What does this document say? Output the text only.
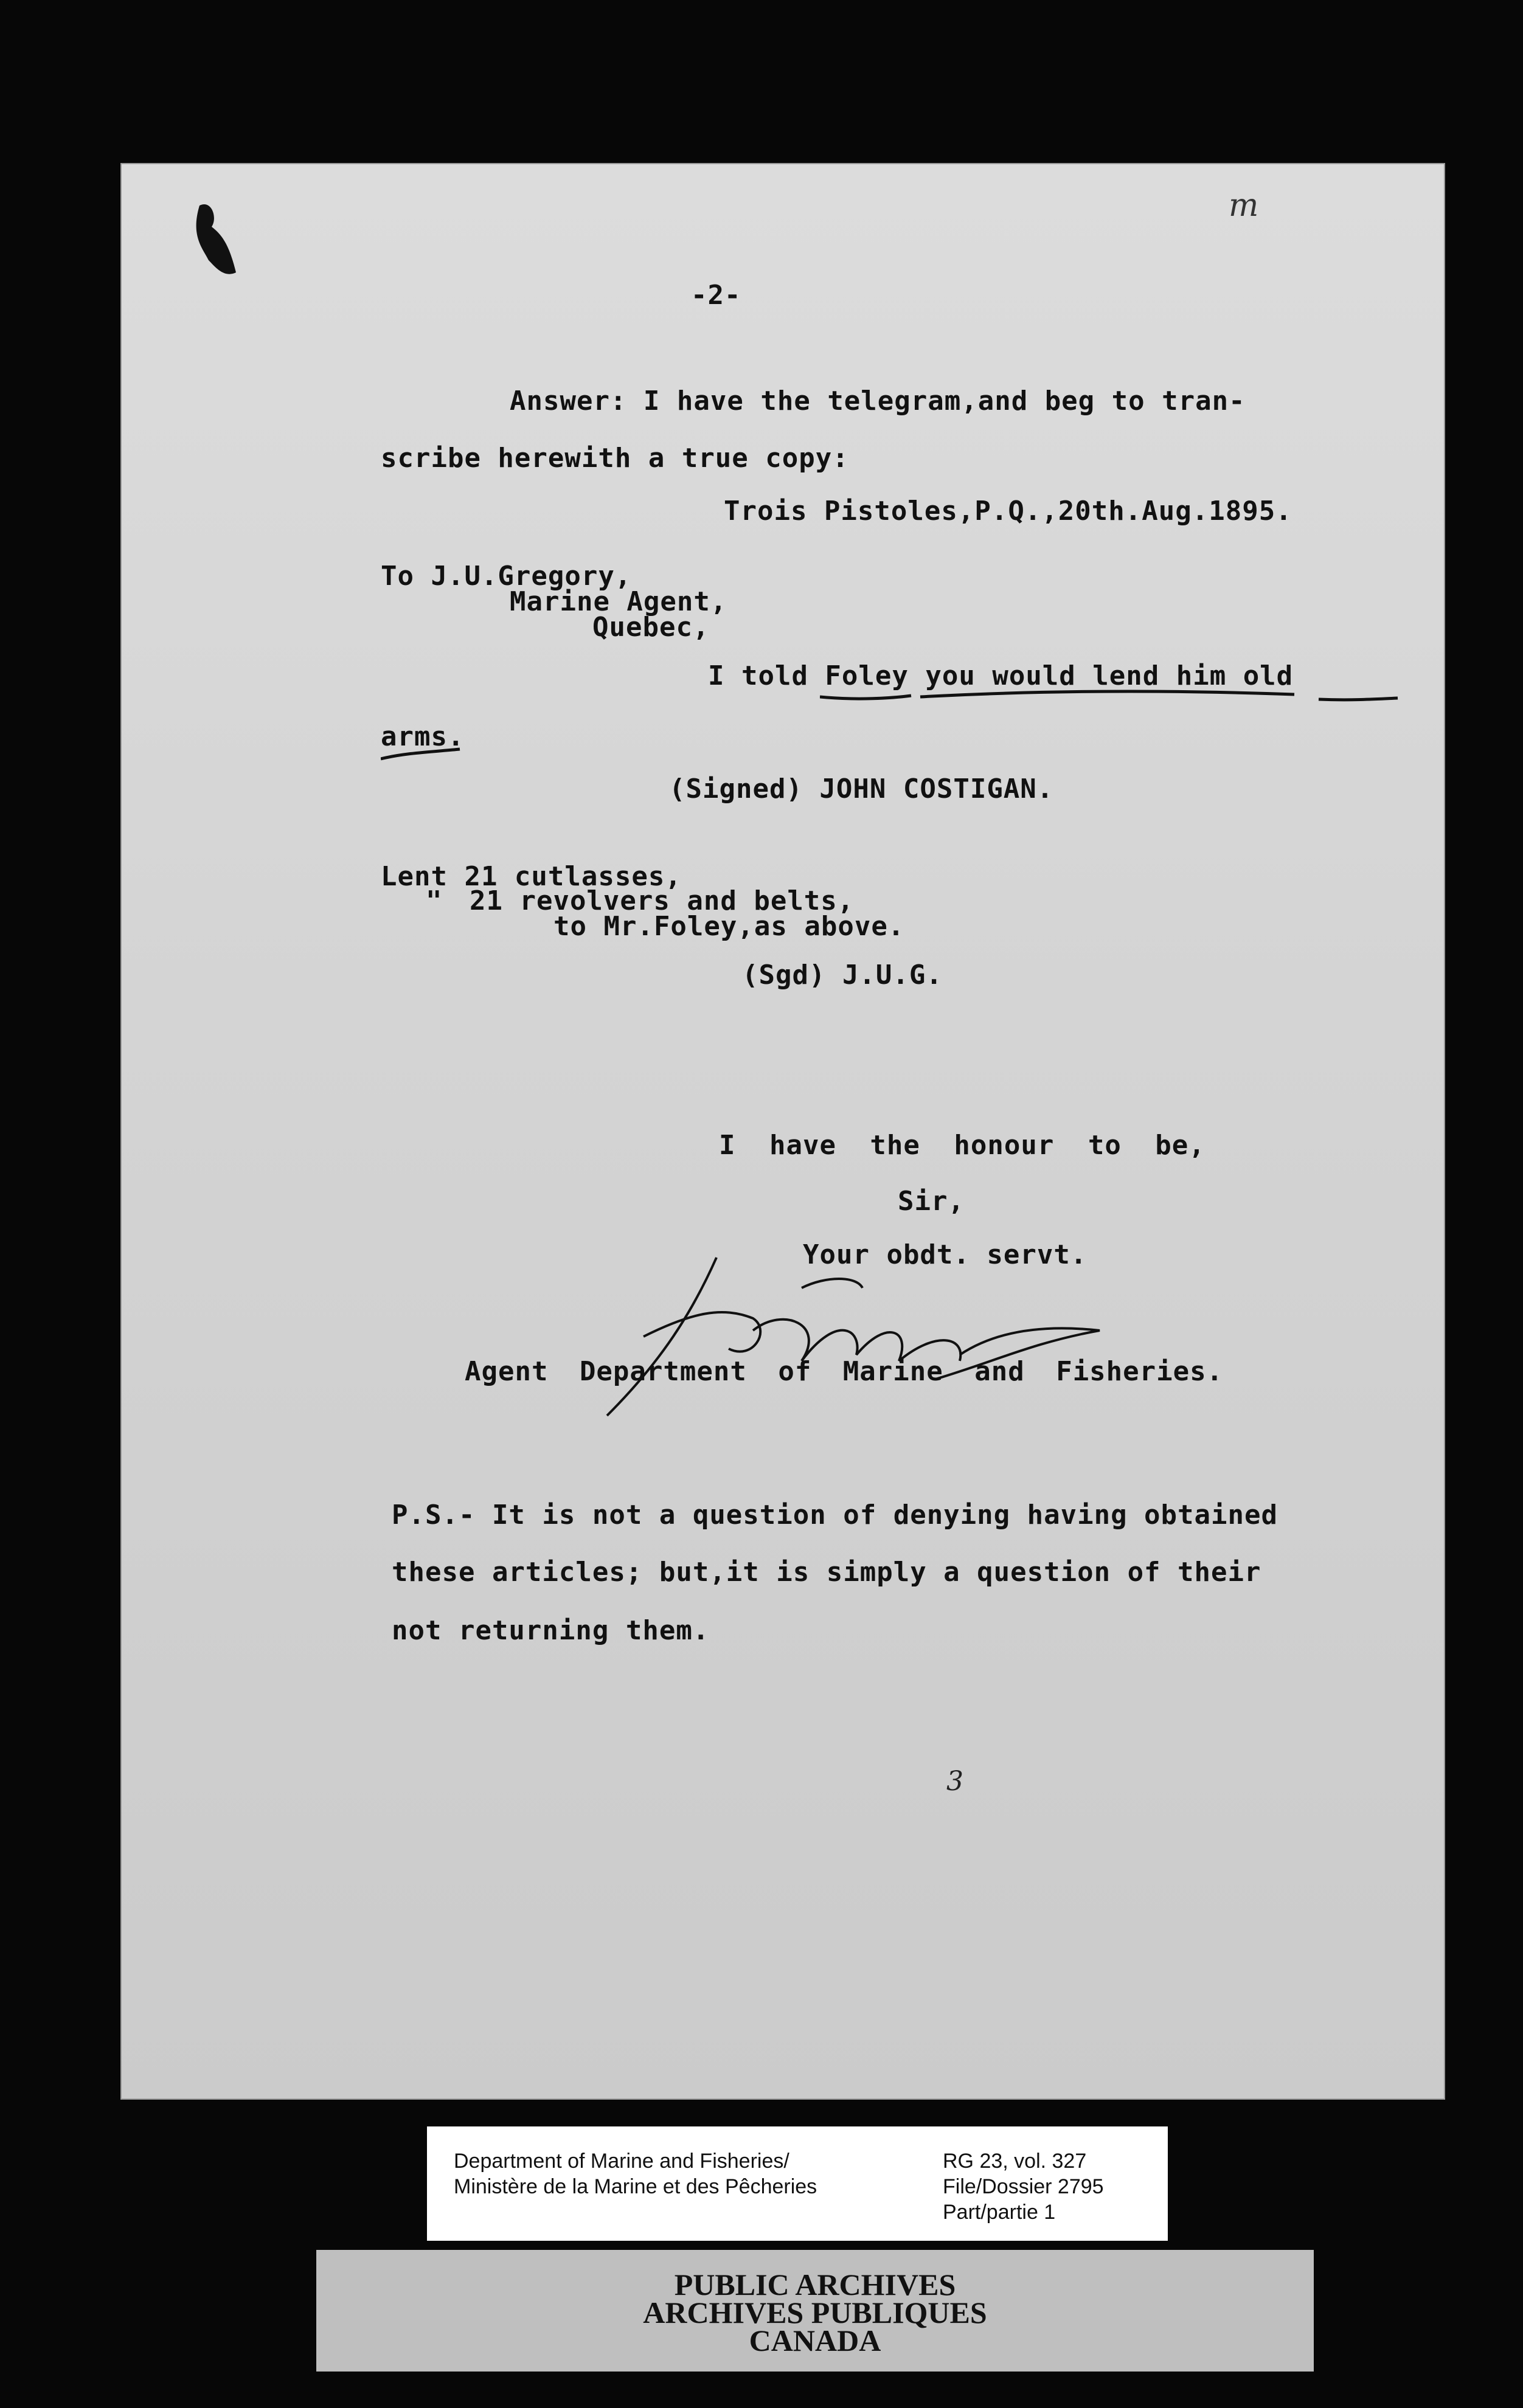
m

-2-

Answer: I have the telegram,and beg to tran-

scribe herewith a true copy:

Trois Pistoles,P.Q.,20th.Aug.1895.

To J.U.Gregory,

Marine Agent,

Quebec,

I told Foley you would lend him old

arms.

(Signed) JOHN COSTIGAN.

Lent 21 cutlasses,

" 21 revolvers and belts,

to Mr.Foley,as above.

(Sgd) J.U.G.

I have the honour to be,

Sir,

Your obdt. servt.

Agent Department of Marine and Fisheries.

P.S.- It is not a question of denying having obtained

these articles; but,it is simply a question of their

not returning them.

3

Department of Marine and Fisheries/

Ministère de la Marine et des Pêcheries

RG 23, vol. 327

File/Dossier 2795

Part/partie 1

PUBLIC ARCHIVES

ARCHIVES PUBLIQUES

CANADA
